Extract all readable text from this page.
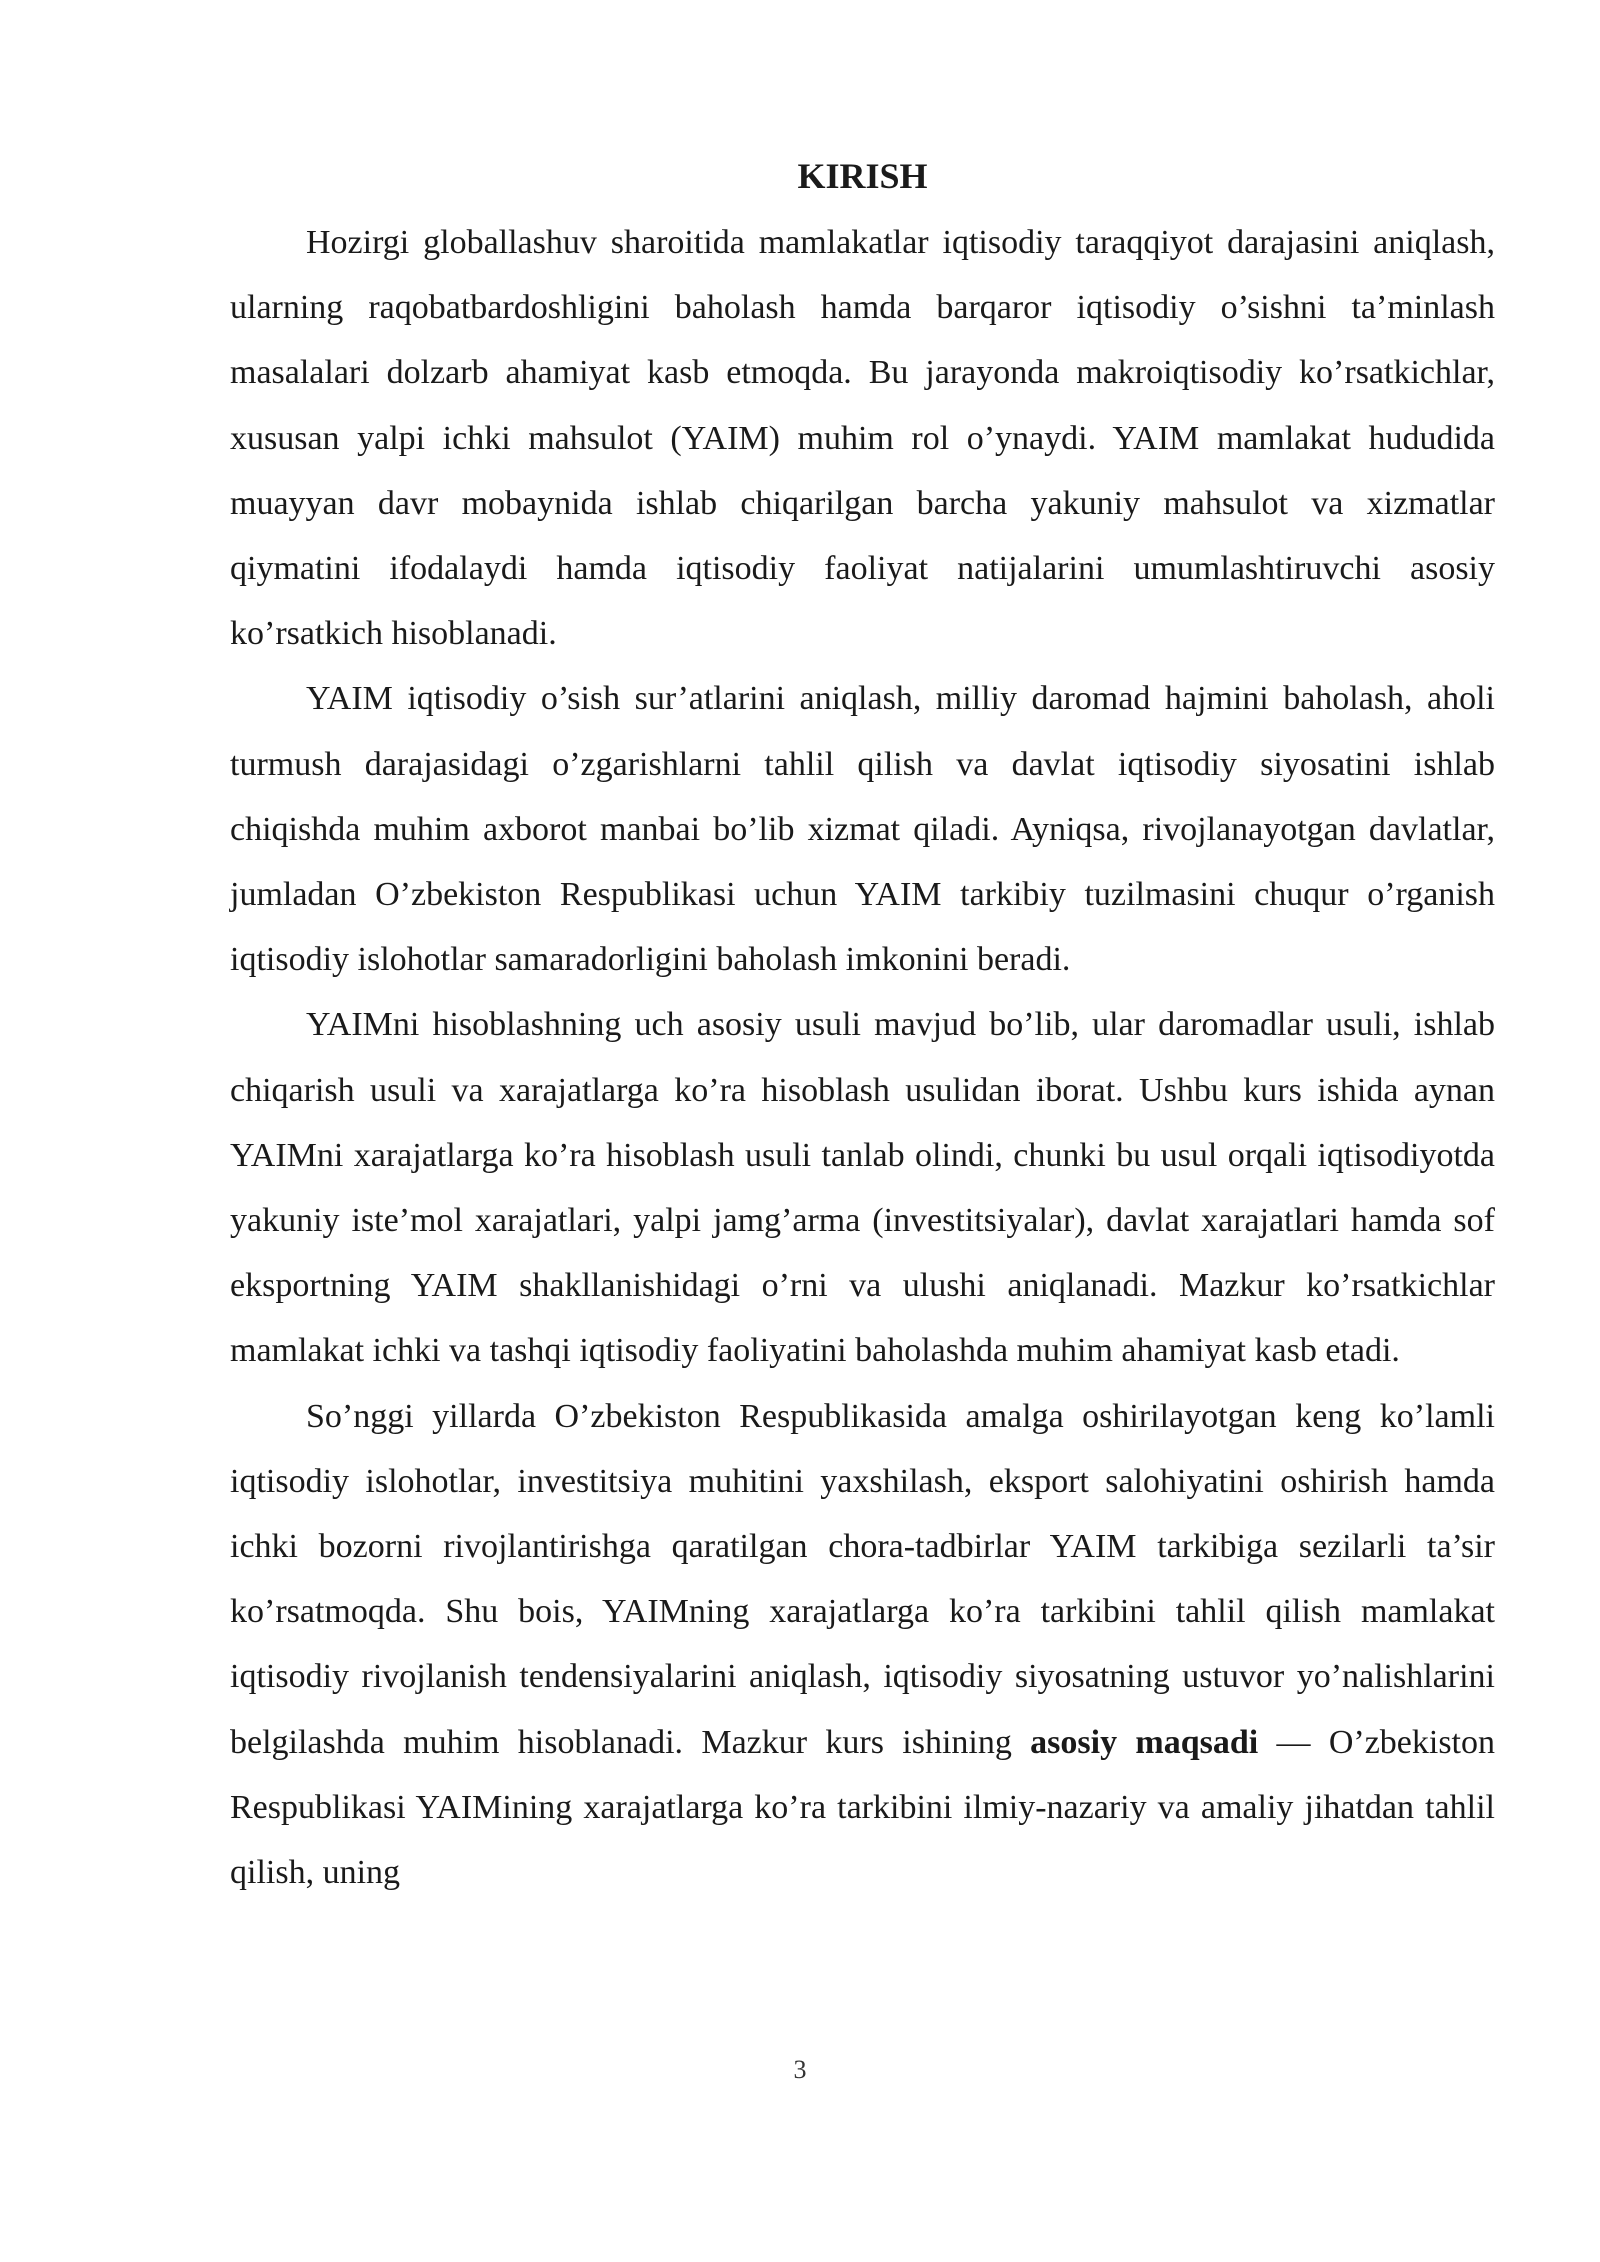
KIRISH

Hozirgi globallashuv sharoitida mamlakatlar iqtisodiy taraqqiyot darajasini aniqlash, ularning raqobatbardoshligini baholash hamda barqaror iqtisodiy o’sishni ta’minlash masalalari dolzarb ahamiyat kasb etmoqda. Bu jarayonda makroiqtisodiy ko’rsatkichlar, xususan yalpi ichki mahsulot (YAIM) muhim rol o’ynaydi. YAIM mamlakat hududida muayyan davr mobaynida ishlab chiqarilgan barcha yakuniy mahsulot va xizmatlar qiymatini ifodalaydi hamda iqtisodiy faoliyat natijalarini umumlashtiruvchi asosiy ko’rsatkich hisoblanadi.

YAIM iqtisodiy o’sish sur’atlarini aniqlash, milliy daromad hajmini baholash, aholi turmush darajasidagi o’zgarishlarni tahlil qilish va davlat iqtisodiy siyosatini ishlab chiqishda muhim axborot manbai bo’lib xizmat qiladi. Ayniqsa, rivojlanayotgan davlatlar, jumladan O’zbekiston Respublikasi uchun YAIM tarkibiy tuzilmasini chuqur o’rganish iqtisodiy islohotlar samaradorligini baholash imkonini beradi.

YAIMni hisoblashning uch asosiy usuli mavjud bo’lib, ular daromadlar usuli, ishlab chiqarish usuli va xarajatlarga ko’ra hisoblash usulidan iborat. Ushbu kurs ishida aynan YAIMni xarajatlarga ko’ra hisoblash usuli tanlab olindi, chunki bu usul orqali iqtisodiyotda yakuniy iste’mol xarajatlari, yalpi jamg’arma (investitsiyalar), davlat xarajatlari hamda sof eksportning YAIM shakllanishidagi o’rni va ulushi aniqlanadi. Mazkur ko’rsatkichlar mamlakat ichki va tashqi iqtisodiy faoliyatini baholashda muhim ahamiyat kasb etadi.

So’nggi yillarda O’zbekiston Respublikasida amalga oshirilayotgan keng ko’lamli iqtisodiy islohotlar, investitsiya muhitini yaxshilash, eksport salohiyatini oshirish hamda ichki bozorni rivojlantirishga qaratilgan chora-tadbirlar YAIM tarkibiga sezilarli ta’sir ko’rsatmoqda. Shu bois, YAIMning xarajatlarga ko’ra tarkibini tahlil qilish mamlakat iqtisodiy rivojlanish tendensiyalarini aniqlash, iqtisodiy siyosatning ustuvor yo’nalishlarini belgilashda muhim hisoblanadi. Mazkur kurs ishining asosiy maqsadi — O’zbekiston Respublikasi YAIMining xarajatlarga ko’ra tarkibini ilmiy-nazariy va amaliy jihatdan tahlil qilish, uning

3
